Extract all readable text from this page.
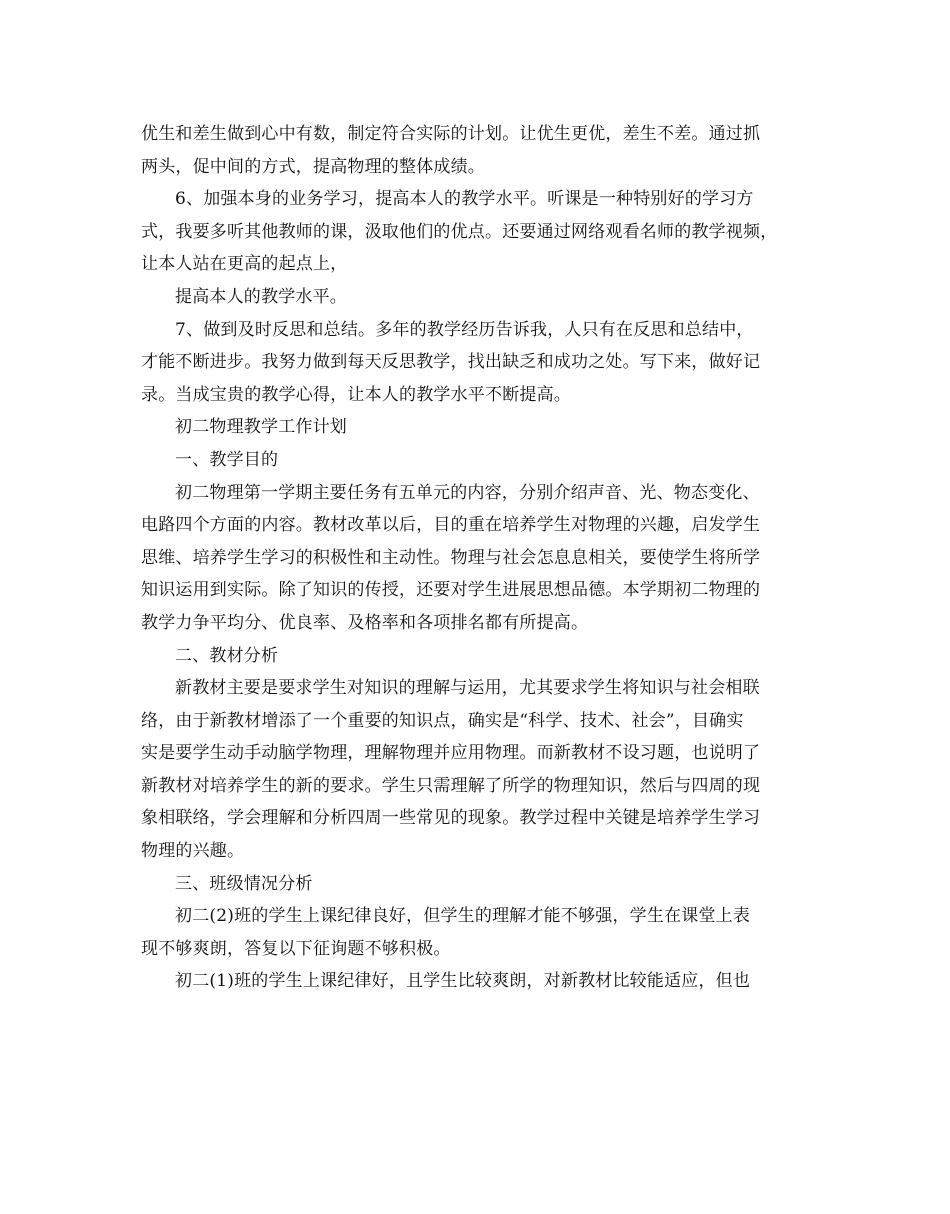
优生和差生做到心中有数，制定符合实际的计划。让优生更优，差生不差。通过抓
两头，促中间的方式，提高物理的整体成绩。
6、加强本身的业务学习，提高本人的教学水平。听课是一种特别好的学习方
式，我要多听其他教师的课，汲取他们的优点。还要通过网络观看名师的教学视频，
让本人站在更高的起点上，
提高本人的教学水平。
7、做到及时反思和总结。多年的教学经历告诉我，人只有在反思和总结中，
才能不断进步。我努力做到每天反思教学，找出缺乏和成功之处。写下来，做好记
录。当成宝贵的教学心得，让本人的教学水平不断提高。
初二物理教学工作计划
一、教学目的
初二物理第一学期主要任务有五单元的内容，分别介绍声音、光、物态变化、
电路四个方面的内容。教材改革以后，目的重在培养学生对物理的兴趣，启发学生
思维、培养学生学习的积极性和主动性。物理与社会怎息息相关，要使学生将所学
知识运用到实际。除了知识的传授，还要对学生进展思想品德。本学期初二物理的
教学力争平均分、优良率、及格率和各项排名都有所提高。
二、教材分析
新教材主要是要求学生对知识的理解与运用，尤其要求学生将知识与社会相联
络，由于新教材增添了一个重要的知识点，确实是“科学、技术、社会”，目确实
实是要学生动手动脑学物理，理解物理并应用物理。而新教材不设习题，也说明了
新教材对培养学生的新的要求。学生只需理解了所学的物理知识，然后与四周的现
象相联络，学会理解和分析四周一些常见的现象。教学过程中关键是培养学生学习
物理的兴趣。
三、班级情况分析
初二(2)班的学生上课纪律良好，但学生的理解才能不够强，学生在课堂上表
现不够爽朗，答复以下征询题不够积极。
初二(1)班的学生上课纪律好，且学生比较爽朗，对新教材比较能适应，但也
